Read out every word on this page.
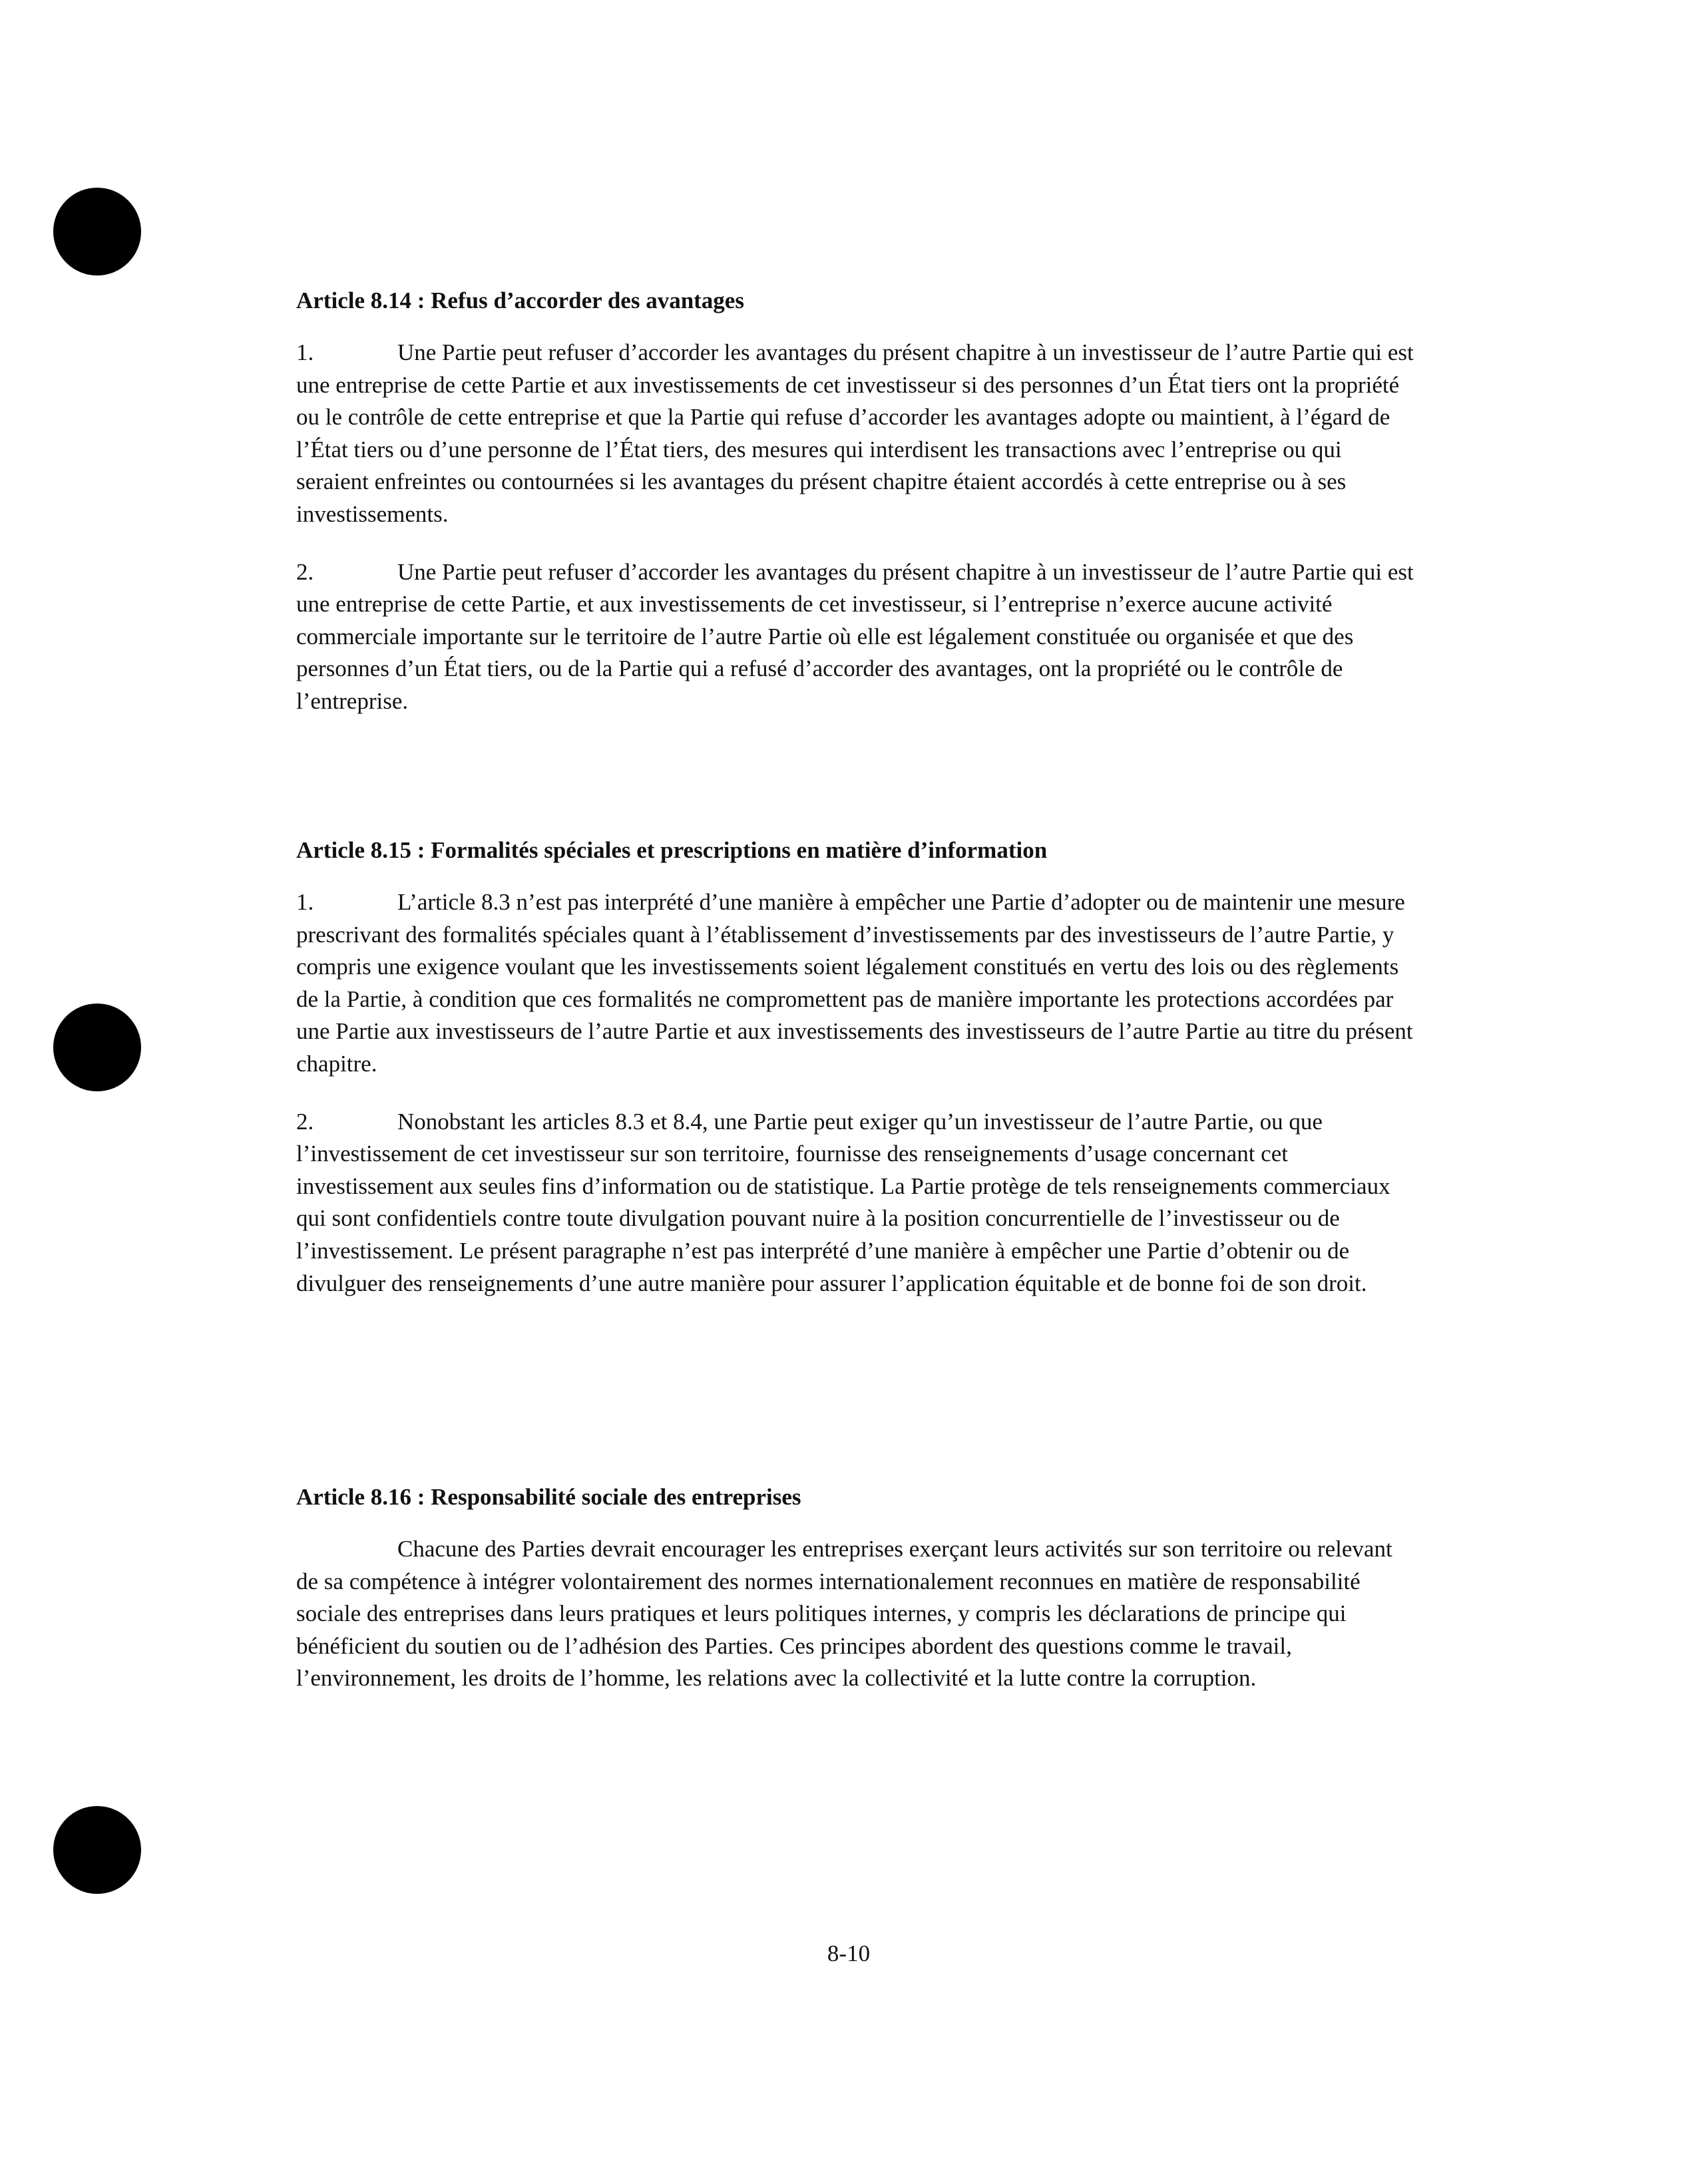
Article 8.14 : Refus d’accorder des avantages

1.	Une Partie peut refuser d’accorder les avantages du présent chapitre à un investisseur de l’autre Partie qui est une entreprise de cette Partie et aux investissements de cet investisseur si des personnes d’un État tiers ont la propriété ou le contrôle de cette entreprise et que la Partie qui refuse d’accorder les avantages adopte ou maintient, à l’égard de l’État tiers ou d’une personne de l’État tiers, des mesures qui interdisent les transactions avec l’entreprise ou qui seraient enfreintes ou contournées si les avantages du présent chapitre étaient accordés à cette entreprise ou à ses investissements.

2.	Une Partie peut refuser d’accorder les avantages du présent chapitre à un investisseur de l’autre Partie qui est une entreprise de cette Partie, et aux investissements de cet investisseur, si l’entreprise n’exerce aucune activité commerciale importante sur le territoire de l’autre Partie où elle est légalement constituée ou organisée et que des personnes d’un État tiers, ou de la Partie qui a refusé d’accorder des avantages, ont la propriété ou le contrôle de l’entreprise.

Article 8.15 : Formalités spéciales et prescriptions en matière d’information

1.	L’article 8.3 n’est pas interprété d’une manière à empêcher une Partie d’adopter ou de maintenir une mesure prescrivant des formalités spéciales quant à l’établissement d’investissements par des investisseurs de l’autre Partie, y compris une exigence voulant que les investissements soient légalement constitués en vertu des lois ou des règlements de la Partie, à condition que ces formalités ne compromettent pas de manière importante les protections accordées par une Partie aux investisseurs de l’autre Partie et aux investissements des investisseurs de l’autre Partie au titre du présent chapitre.

2.	Nonobstant les articles 8.3 et 8.4, une Partie peut exiger qu’un investisseur de l’autre Partie, ou que l’investissement de cet investisseur sur son territoire, fournisse des renseignements d’usage concernant cet investissement aux seules fins d’information ou de statistique. La Partie protège de tels renseignements commerciaux qui sont confidentiels contre toute divulgation pouvant nuire à la position concurrentielle de l’investisseur ou de l’investissement. Le présent paragraphe n’est pas interprété d’une manière à empêcher une Partie d’obtenir ou de divulguer des renseignements d’une autre manière pour assurer l’application équitable et de bonne foi de son droit.

Article 8.16 : Responsabilité sociale des entreprises

Chacune des Parties devrait encourager les entreprises exerçant leurs activités sur son territoire ou relevant de sa compétence à intégrer volontairement des normes internationalement reconnues en matière de responsabilité sociale des entreprises dans leurs pratiques et leurs politiques internes, y compris les déclarations de principe qui bénéficient du soutien ou de l’adhésion des Parties. Ces principes abordent des questions comme le travail, l’environnement, les droits de l’homme, les relations avec la collectivité et la lutte contre la corruption.

8-10
